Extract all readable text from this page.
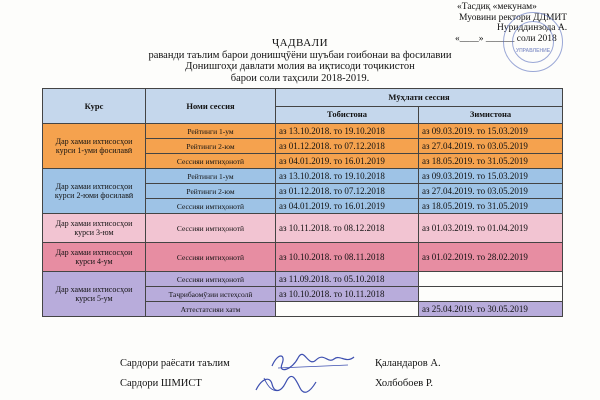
«Тасдиқ «мекунам»
Муовини ректори ДДМИТ
Нуриддинзода А.
«____» ______ соли 2018
УПРАВЛЕНИЕ
ҶАДВАЛИ
раванди таълим барои донишҷӯёни шуъбаи гоибонаи ва фосилавии
Донишгоҳи давлати молия ва иқтисоди тоҷикистон
барои соли таҳсили 2018-2019.
Курс	Номи сессия	Мӯҳлати сессия	
		Тобистона	Зимистона
Дар хамаи ихтисосҳои курси 1-уми фосилавӣ	Рейтинги 1-ум	аз 13.10.2018. то 19.10.2018	аз 09.03.2019. то 15.03.2019
	Рейтинги 2-юм	аз 01.12.2018. то 07.12.2018	аз 27.04.2019. то 03.05.2019
	Сессияи имтиҳонотӣ	аз 04.01.2019. то 16.01.2019	аз 18.05.2019. то 31.05.2019
Дар хамаи ихтисосҳои курси 2-юми фосилавӣ	Рейтинги 1-ум	аз 13.10.2018. то 19.10.2018	аз 09.03.2019. то 15.03.2019
	Рейтинги 2-юм	аз 01.12.2018. то 07.12.2018	аз 27.04.2019. то 03.05.2019
	Сессияи имтиҳонотӣ	аз 04.01.2019. то 16.01.2019	аз 18.05.2019. то 31.05.2019
Дар хамаи ихтисосҳои курси 3-юм	Сессияи имтиҳонотӣ	аз 10.11.2018. то 08.12.2018	аз 01.03.2019. то 01.04.2019
Дар хамаи ихтисосҳои курси 4-ум	Сессияи имтиҳонотӣ	аз 10.10.2018. то 08.11.2018	аз 01.02.2019. то 28.02.2019
Дар хамаи ихтисосҳои курси 5-ум	Сессияи имтиҳонотӣ	аз 11.09.2018. то 05.10.2018	
	Таҷрибаомӯзии истеҳсолӣ	аз 10.10.2018. то 10.11.2018	
	Аттестатсияи хатм		аз 25.04.2019. то 30.05.2019
Сардори раёсати таълим	Қаландаров А.
Сардори ШМИСТ	Холбобоев Р.
